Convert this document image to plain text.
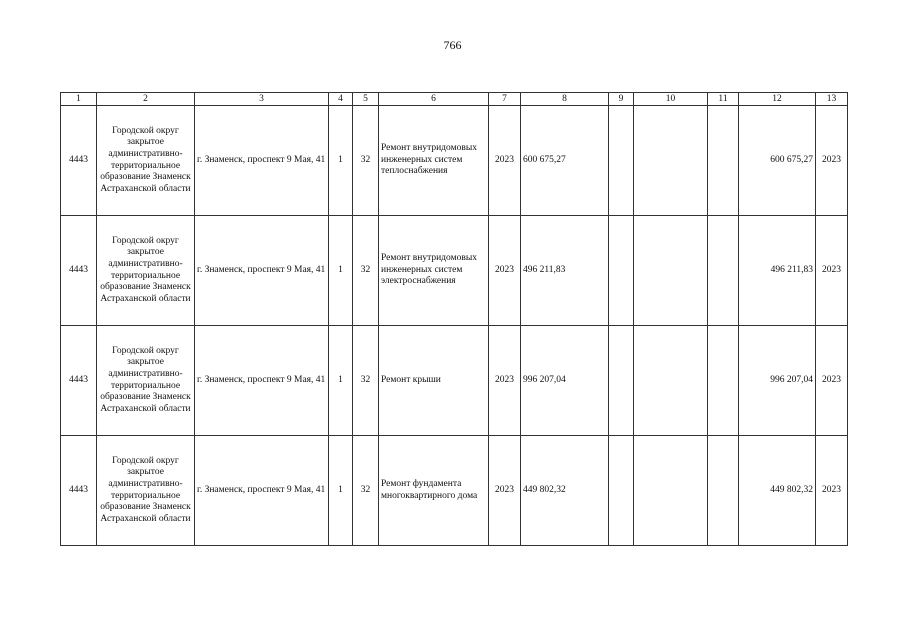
766
1	2	3	4	5	6	7	8	9	10	11	12	13
4443	Городской округ закрытое административно-территориальное образование Знаменск Астраханской области	г. Знаменск, проспект 9 Мая, 41	1	32	Ремонт внутридомовых инженерных систем теплоснабжения	2023	600 675,27				600 675,27	2023
4443	Городской округ закрытое административно-территориальное образование Знаменск Астраханской области	г. Знаменск, проспект 9 Мая, 41	1	32	Ремонт внутридомовых инженерных систем электроснабжения	2023	496 211,83				496 211,83	2023
4443	Городской округ закрытое административно-территориальное образование Знаменск Астраханской области	г. Знаменск, проспект 9 Мая, 41	1	32	Ремонт крыши	2023	996 207,04				996 207,04	2023
4443	Городской округ закрытое административно-территориальное образование Знаменск Астраханской области	г. Знаменск, проспект 9 Мая, 41	1	32	Ремонт фундамента многоквартирного дома	2023	449 802,32				449 802,32	2023
